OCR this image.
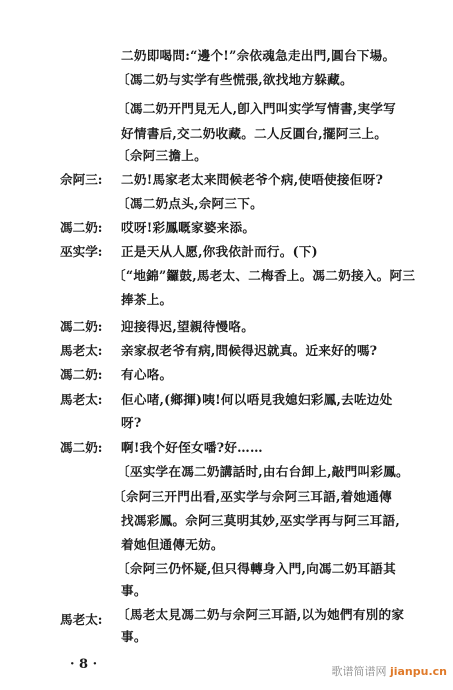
二奶即喝問:“邊个!”佘依魂急走出門,圓台下場。
〔馮二奶与实学有些慌張,欲找地方躲藏。
〔馮二奶开門見无人,卽入門叫实学写情書,実学写
好情書后,交二奶收藏。二人反圓台,擺阿三上。
〔佘阿三擔上。
佘阿三: 二奶!馬家老太来問候老爷个病,使唔使接佢呀?
〔馮二奶点头,佘阿三下。
馮二奶: 哎呀!彩鳳嘅家婆来添。
巫实学: 正是天从人愿,你我依計而行。(下)
〔“地錦”鑼鼓,馬老太、二梅香上。馮二奶接入。阿三
捧茶上。
馮二奶: 迎接得迟,望親待慢咯。
馬老太: 亲家叔老爷有病,問候得迟就真。近来好的嗎?
馮二奶: 有心咯。
馬老太: 佢心啫,(鄉揮)咦!何以唔見我媳妇彩鳳,去咗边处
呀?
馮二奶: 啊!我个好侄女噃?好……
〔巫实学在馮二奶講話时,由右台卸上,敲門叫彩鳳。
〔佘阿三开門出看,巫实学与佘阿三耳語,着她通傳
找馮彩鳳。佘阿三莫明其妙,巫实学再与阿三耳語,
着她但通傳无妨。
〔佘阿三仍怀疑,但只得轉身入門,向馮二奶耳語其
事。
〔馬老太見馮二奶与佘阿三耳語,以为她們有別的家
事。
馬老太:
· 8 ·	歌谱简谱网 jianpu.cn
